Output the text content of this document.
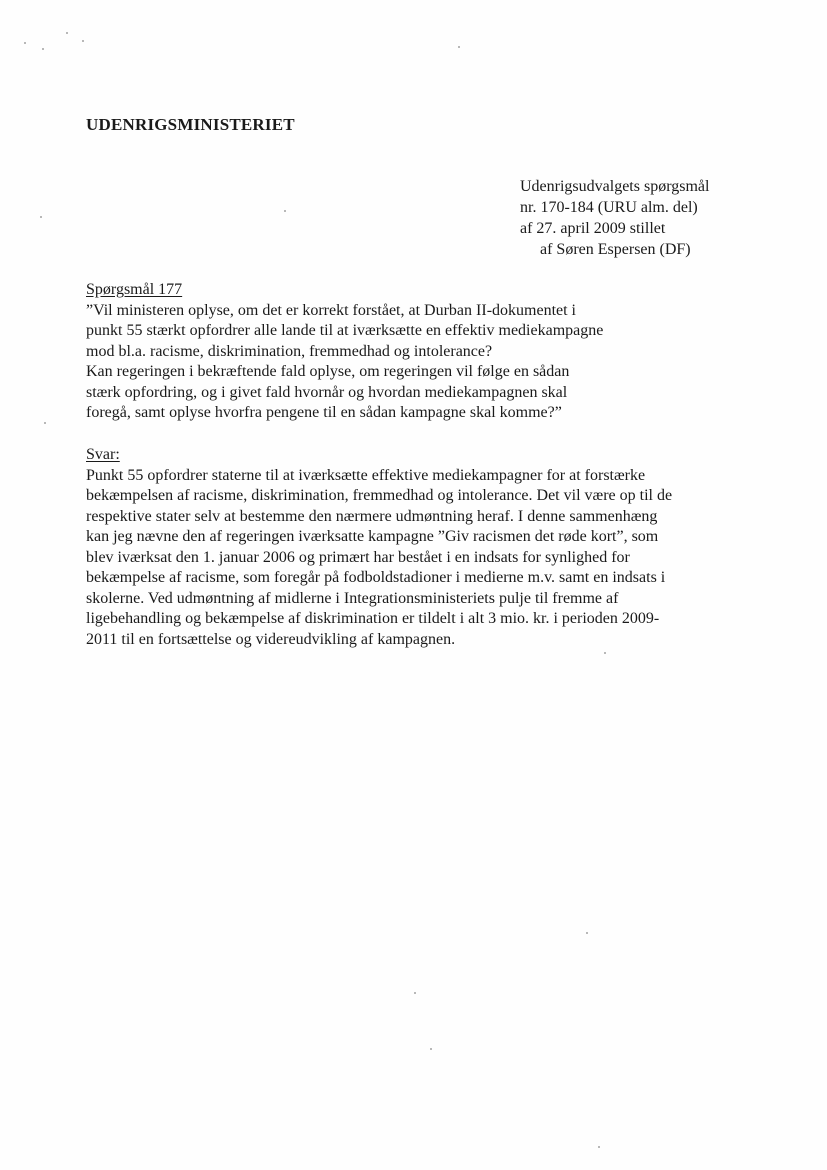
UDENRIGSMINISTERIET
Udenrigsudvalgets spørgsmål
nr. 170-184 (URU alm. del)
af 27. april 2009 stillet
af Søren Espersen (DF)
Spørgsmål 177
”Vil ministeren oplyse, om det er korrekt forstået, at Durban II-dokumentet i
punkt 55 stærkt opfordrer alle lande til at iværksætte en effektiv mediekampagne
mod bl.a. racisme, diskrimination, fremmedhad og intolerance?
Kan regeringen i bekræftende fald oplyse, om regeringen vil følge en sådan
stærk opfordring, og i givet fald hvornår og hvordan mediekampagnen skal
foregå, samt oplyse hvorfra pengene til en sådan kampagne skal komme?”
Svar:
Punkt 55 opfordrer staterne til at iværksætte effektive mediekampagner for at forstærke
bekæmpelsen af racisme, diskrimination, fremmedhad og intolerance. Det vil være op til de
respektive stater selv at bestemme den nærmere udmøntning heraf. I denne sammenhæng
kan jeg nævne den af regeringen iværksatte kampagne ”Giv racismen det røde kort”, som
blev iværksat den 1. januar 2006 og primært har bestået i en indsats for synlighed for
bekæmpelse af racisme, som foregår på fodboldstadioner i medierne m.v. samt en indsats i
skolerne. Ved udmøntning af midlerne i Integrationsministeriets pulje til fremme af
ligebehandling og bekæmpelse af diskrimination er tildelt i alt 3 mio. kr. i perioden 2009-
2011 til en fortsættelse og videreudvikling af kampagnen.
